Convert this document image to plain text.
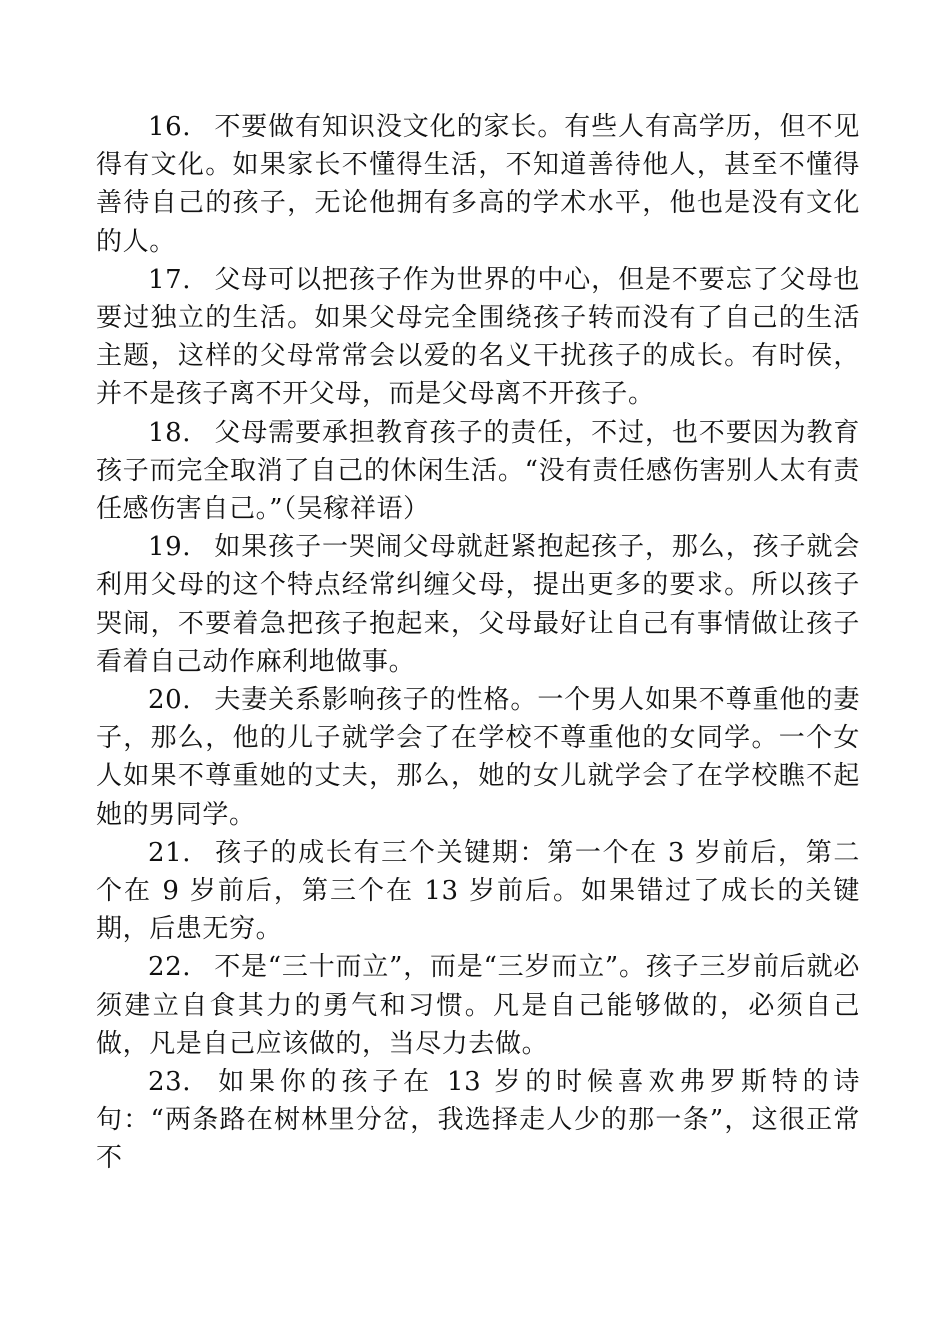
16. 不要做有知识没文化的家长。有些人有高学历，但不见得有文化。如果家长不懂得生活，不知道善待他人，甚至不懂得善待自己的孩子，无论他拥有多高的学术水平，他也是没有文化的人。

17. 父母可以把孩子作为世界的中心，但是不要忘了父母也要过独立的生活。如果父母完全围绕孩子转而没有了自己的生活主题，这样的父母常常会以爱的名义干扰孩子的成长。有时侯，并不是孩子离不开父母，而是父母离不开孩子。

18. 父母需要承担教育孩子的责任，不过，也不要因为教育孩子而完全取消了自己的休闲生活。“没有责任感伤害别人太有责任感伤害自己。”（吴稼祥语）

19. 如果孩子一哭闹父母就赶紧抱起孩子，那么，孩子就会利用父母的这个特点经常纠缠父母，提出更多的要求。所以孩子哭闹，不要着急把孩子抱起来，父母最好让自己有事情做让孩子看着自己动作麻利地做事。

20. 夫妻关系影响孩子的性格。一个男人如果不尊重他的妻子，那么，他的儿子就学会了在学校不尊重他的女同学。一个女人如果不尊重她的丈夫，那么，她的女儿就学会了在学校瞧不起她的男同学。

21. 孩子的成长有三个关键期：第一个在 3 岁前后，第二个在 9 岁前后，第三个在 13 岁前后。如果错过了成长的关键期，后患无穷。

22. 不是“三十而立”，而是“三岁而立”。孩子三岁前后就必须建立自食其力的勇气和习惯。凡是自己能够做的，必须自己做，凡是自己应该做的，当尽力去做。

23. 如果你的孩子在 13 岁的时候喜欢弗罗斯特的诗句：“两条路在树林里分岔，我选择走人少的那一条”，这很正常不
